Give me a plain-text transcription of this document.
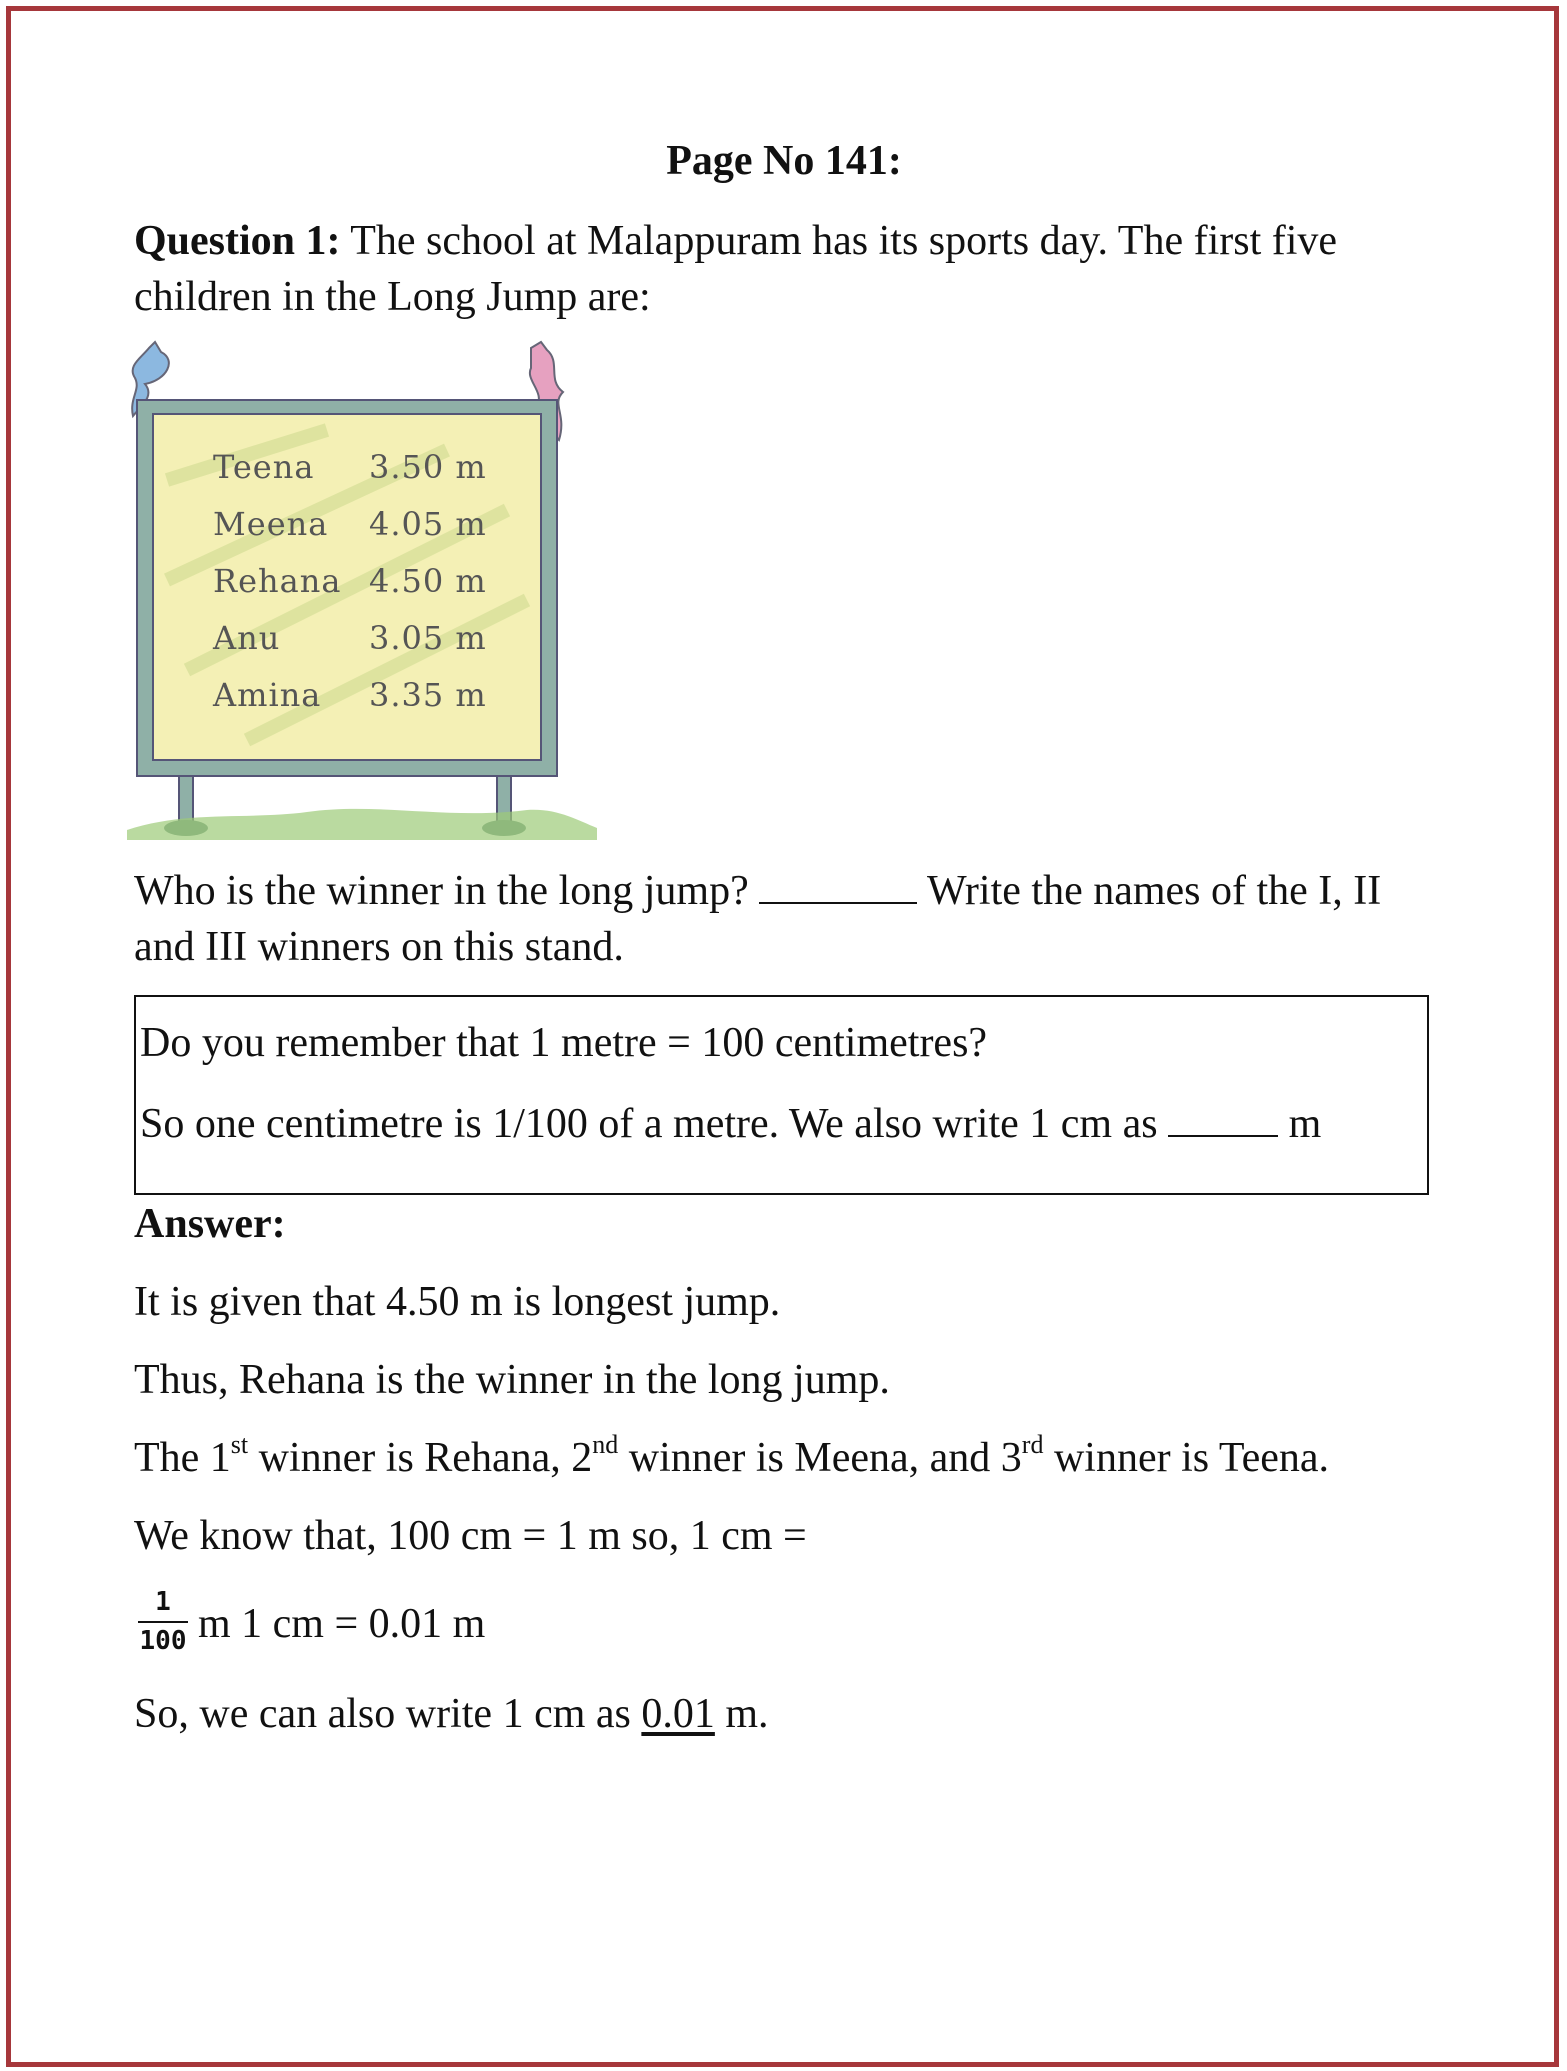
Page No 141:
Question 1: The school at Malappuram has its sports day. The first five
children in the Long Jump are:
Teena 3.50 m
Meena 4.05 m
Rehana 4.50 m
Anu	3.05 m
Amina 3.35 m
Who is the winner in the long jump?	Write the names of the I, II
and III winners on this stand.
Do you remember that 1 metre = 100 centimetres?
So one centimetre is 1/100 of a metre. We also write 1 cm as	m
Answer:
It is given that 4.50 m is longest jump.
Thus, Rehana is the winner in the long jump.
The 1st winner is Rehana, 2nd winner is Meena, and 3rd winner is Teena.
We know that, 100 cm = 1 m so, 1 cm =
1
100 m 1 cm = 0.01 m
So, we can also write 1 cm as 0.01 m.
